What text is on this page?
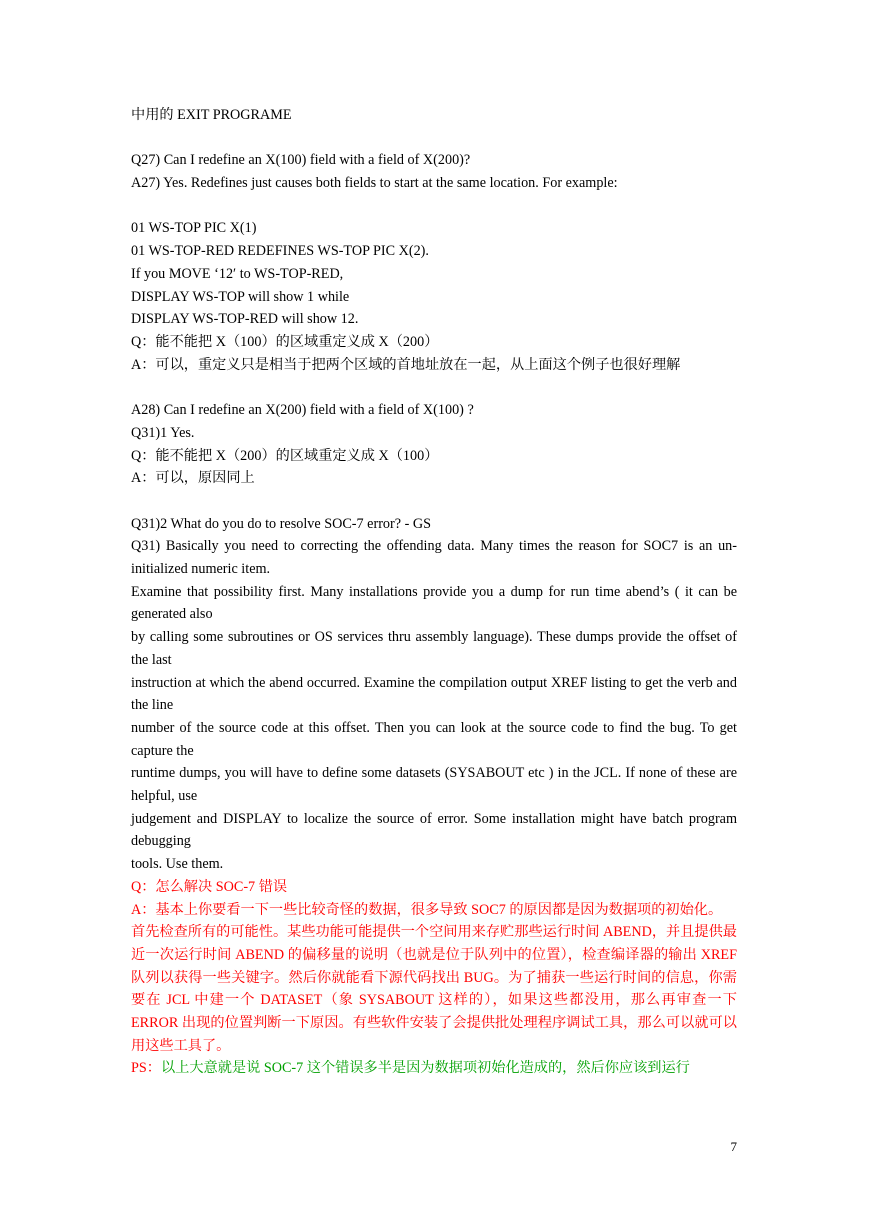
中用的 EXIT PROGRAME

Q27) Can I redefine an X(100) field with a field of X(200)?

A27) Yes. Redefines just causes both fields to start at the same location. For example:

01 WS-TOP PIC X(1)

01 WS-TOP-RED REDEFINES WS-TOP PIC X(2).

If you MOVE ‘12′ to WS-TOP-RED,

DISPLAY WS-TOP will show 1 while

DISPLAY WS-TOP-RED will show 12.

Q：能不能把 X（100）的区域重定义成 X（200）

A：可以，重定义只是相当于把两个区域的首地址放在一起，从上面这个例子也很好理解

A28) Can I redefine an X(200) field with a field of X(100) ?

Q31)1 Yes.

Q：能不能把 X（200）的区域重定义成 X（100）

A：可以，原因同上

Q31)2 What do you do to resolve SOC-7 error? - GS

Q31) Basically you need to correcting the offending data. Many times the reason for SOC7 is an un-initialized numeric item.

Examine that possibility first. Many installations provide you a dump for run time abend’s ( it can be generated also

by calling some subroutines or OS services thru assembly language). These dumps provide the offset of the last

instruction at which the abend occurred. Examine the compilation output XREF listing to get the verb and the line

number of the source code at this offset. Then you can look at the source code to find the bug. To get capture the

runtime dumps, you will have to define some datasets (SYSABOUT etc ) in the JCL. If none of these are helpful, use

judgement and DISPLAY to localize the source of error. Some installation might have batch program debugging

tools. Use them.

Q：怎么解决 SOC-7 错误

A：基本上你要看一下一些比较奇怪的数据，很多导致 SOC7 的原因都是因为数据项的初始化。

首先检查所有的可能性。某些功能可能提供一个空间用来存贮那些运行时间 ABEND，并且提供最近一次运行时间 ABEND 的偏移量的说明（也就是位于队列中的位置），检查编译器的输出 XREF 队列以获得一些关键字。然后你就能看下源代码找出 BUG。为了捕获一些运行时间的信息，你需要在 JCL 中建一个 DATASET（象 SYSABOUT 这样的），如果这些都没用，那么再审查一下 ERROR 出现的位置判断一下原因。有些软件安装了会提供批处理程序调试工具，那么可以就可以用这些工具了。

PS：以上大意就是说 SOC-7 这个错误多半是因为数据项初始化造成的，然后你应该到运行

7
